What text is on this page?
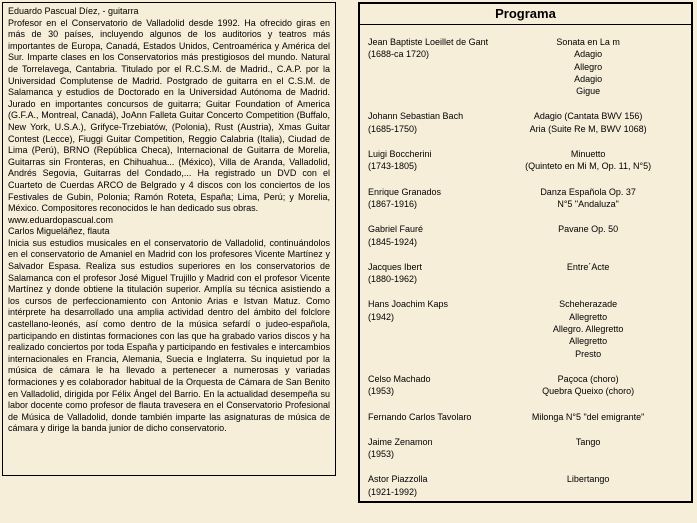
Eduardo Pascual Díez, - guitarra
Profesor en el Conservatorio de Valladolid desde 1992. Ha ofrecido giras en más de 30 países, incluyendo algunos de los auditorios y teatros más importantes de Europa, Canadá, Estados Unidos, Centroamérica y América del Sur. Imparte clases en los Conservatorios más prestigiosos del mundo. Natural de Torrelavega, Cantabria. Titulado por el R.C.S.M. de Madrid., C.A.P. por la Universidad Complutense de Madrid. Postgrado de guitarra en el C.S.M. de Salamanca y estudios de Doctorado en la Universidad Autónoma de Madrid. Jurado en importantes concursos de guitarra; Guitar Foundation of America (G.F.A., Montreal, Canadá), JoAnn Falleta Guitar Concerto Competition (Buffalo, New York, U.S.A.), Grifyce-Trzebiatów, (Polonia), Rust (Austria), Xmas Guitar Contest (Lecce), Fiuggi Guitar Competition, Reggio Calabria (Italia), Ciudad de Lima (Perú), BRNO (República Checa), Internacional de Guitarra de Morelia, Guitarras sin Fronteras, en Chihuahua... (México), Villa de Aranda, Valladolid, Andrés Segovia, Guitarras del Condado,... Ha registrado un DVD con el Cuarteto de Cuerdas ARCO de Belgrado y 4 discos con los conciertos de los Festivales de Gubin, Polonia; Ramón Roteta, España; Lima, Perú; y Morelia, México. Compositores reconocidos le han dedicado sus obras.
www.eduardopascual.com
Carlos Migueláñez, flauta
Inicia sus estudios musicales en el conservatorio de Valladolid, continuándolos en el conservatorio de Amaniel en Madrid con los profesores Vicente Martínez y Salvador Espasa. Realiza sus estudios superiores en los conservatorios de Salamanca con el profesor José Miguel Trujillo y Madrid con el profesor Vicente Martínez y donde obtiene la titulación superior. Amplía su técnica asistiendo a los cursos de perfeccionamiento con Antonio Arias e Istvan Matuz. Como intérprete ha desarrollado una amplia actividad dentro del ámbito del folclore castellano-leonés, así como dentro de la música sefardí o judeo-española, participando en distintas formaciones con las que ha grabado varios discos y ha realizado conciertos por toda España y participando en festivales e intercambios internacionales en Francia, Alemania, Suecia e Inglaterra. Su inquietud por la música de cámara le ha llevado a pertenecer a numerosas y variadas formaciones y es colaborador habitual de la Orquesta de Cámara de San Benito en Valladolid, dirigida por Félix Ángel del Barrio. En la actualidad desempeña su labor docente como profesor de flauta travesera en el Conservatorio Profesional de Música de Valladolid, donde también imparte las asignaturas de música de cámara y dirige la banda junior de dicho conservatorio.
Programa
Jean Baptiste Loeillet de Gant
(1688-ca 1720)
Sonata en La m
Adagio
Allegro
Adagio
Gigue
Johann Sebastian Bach
(1685-1750)
Adagio (Cantata BWV 156)
Aria (Suite Re M, BWV 1068)
Luigi Boccherini
(1743-1805)
Minuetto
(Quinteto en Mi M, Op. 11, N°5)
Enrique Granados
(1867-1916)
Danza Española Op. 37
N°5 "Andaluza"
Gabriel Fauré
(1845-1924)
Pavane Op. 50
Jacques Ibert
(1880-1962)
Entre´Acte
Hans Joachim Kaps
(1942)
Scheherazade
Allegretto
Allegro. Allegretto
Allegretto
Presto
Celso Machado
(1953)
Paçoca (choro)
Quebra Queixo (choro)
Fernando Carlos Tavolaro	Milonga N°5 "del emigrante"
Jaime Zenamon
(1953)
Tango
Astor Piazzolla
(1921-1992)
Libertango
